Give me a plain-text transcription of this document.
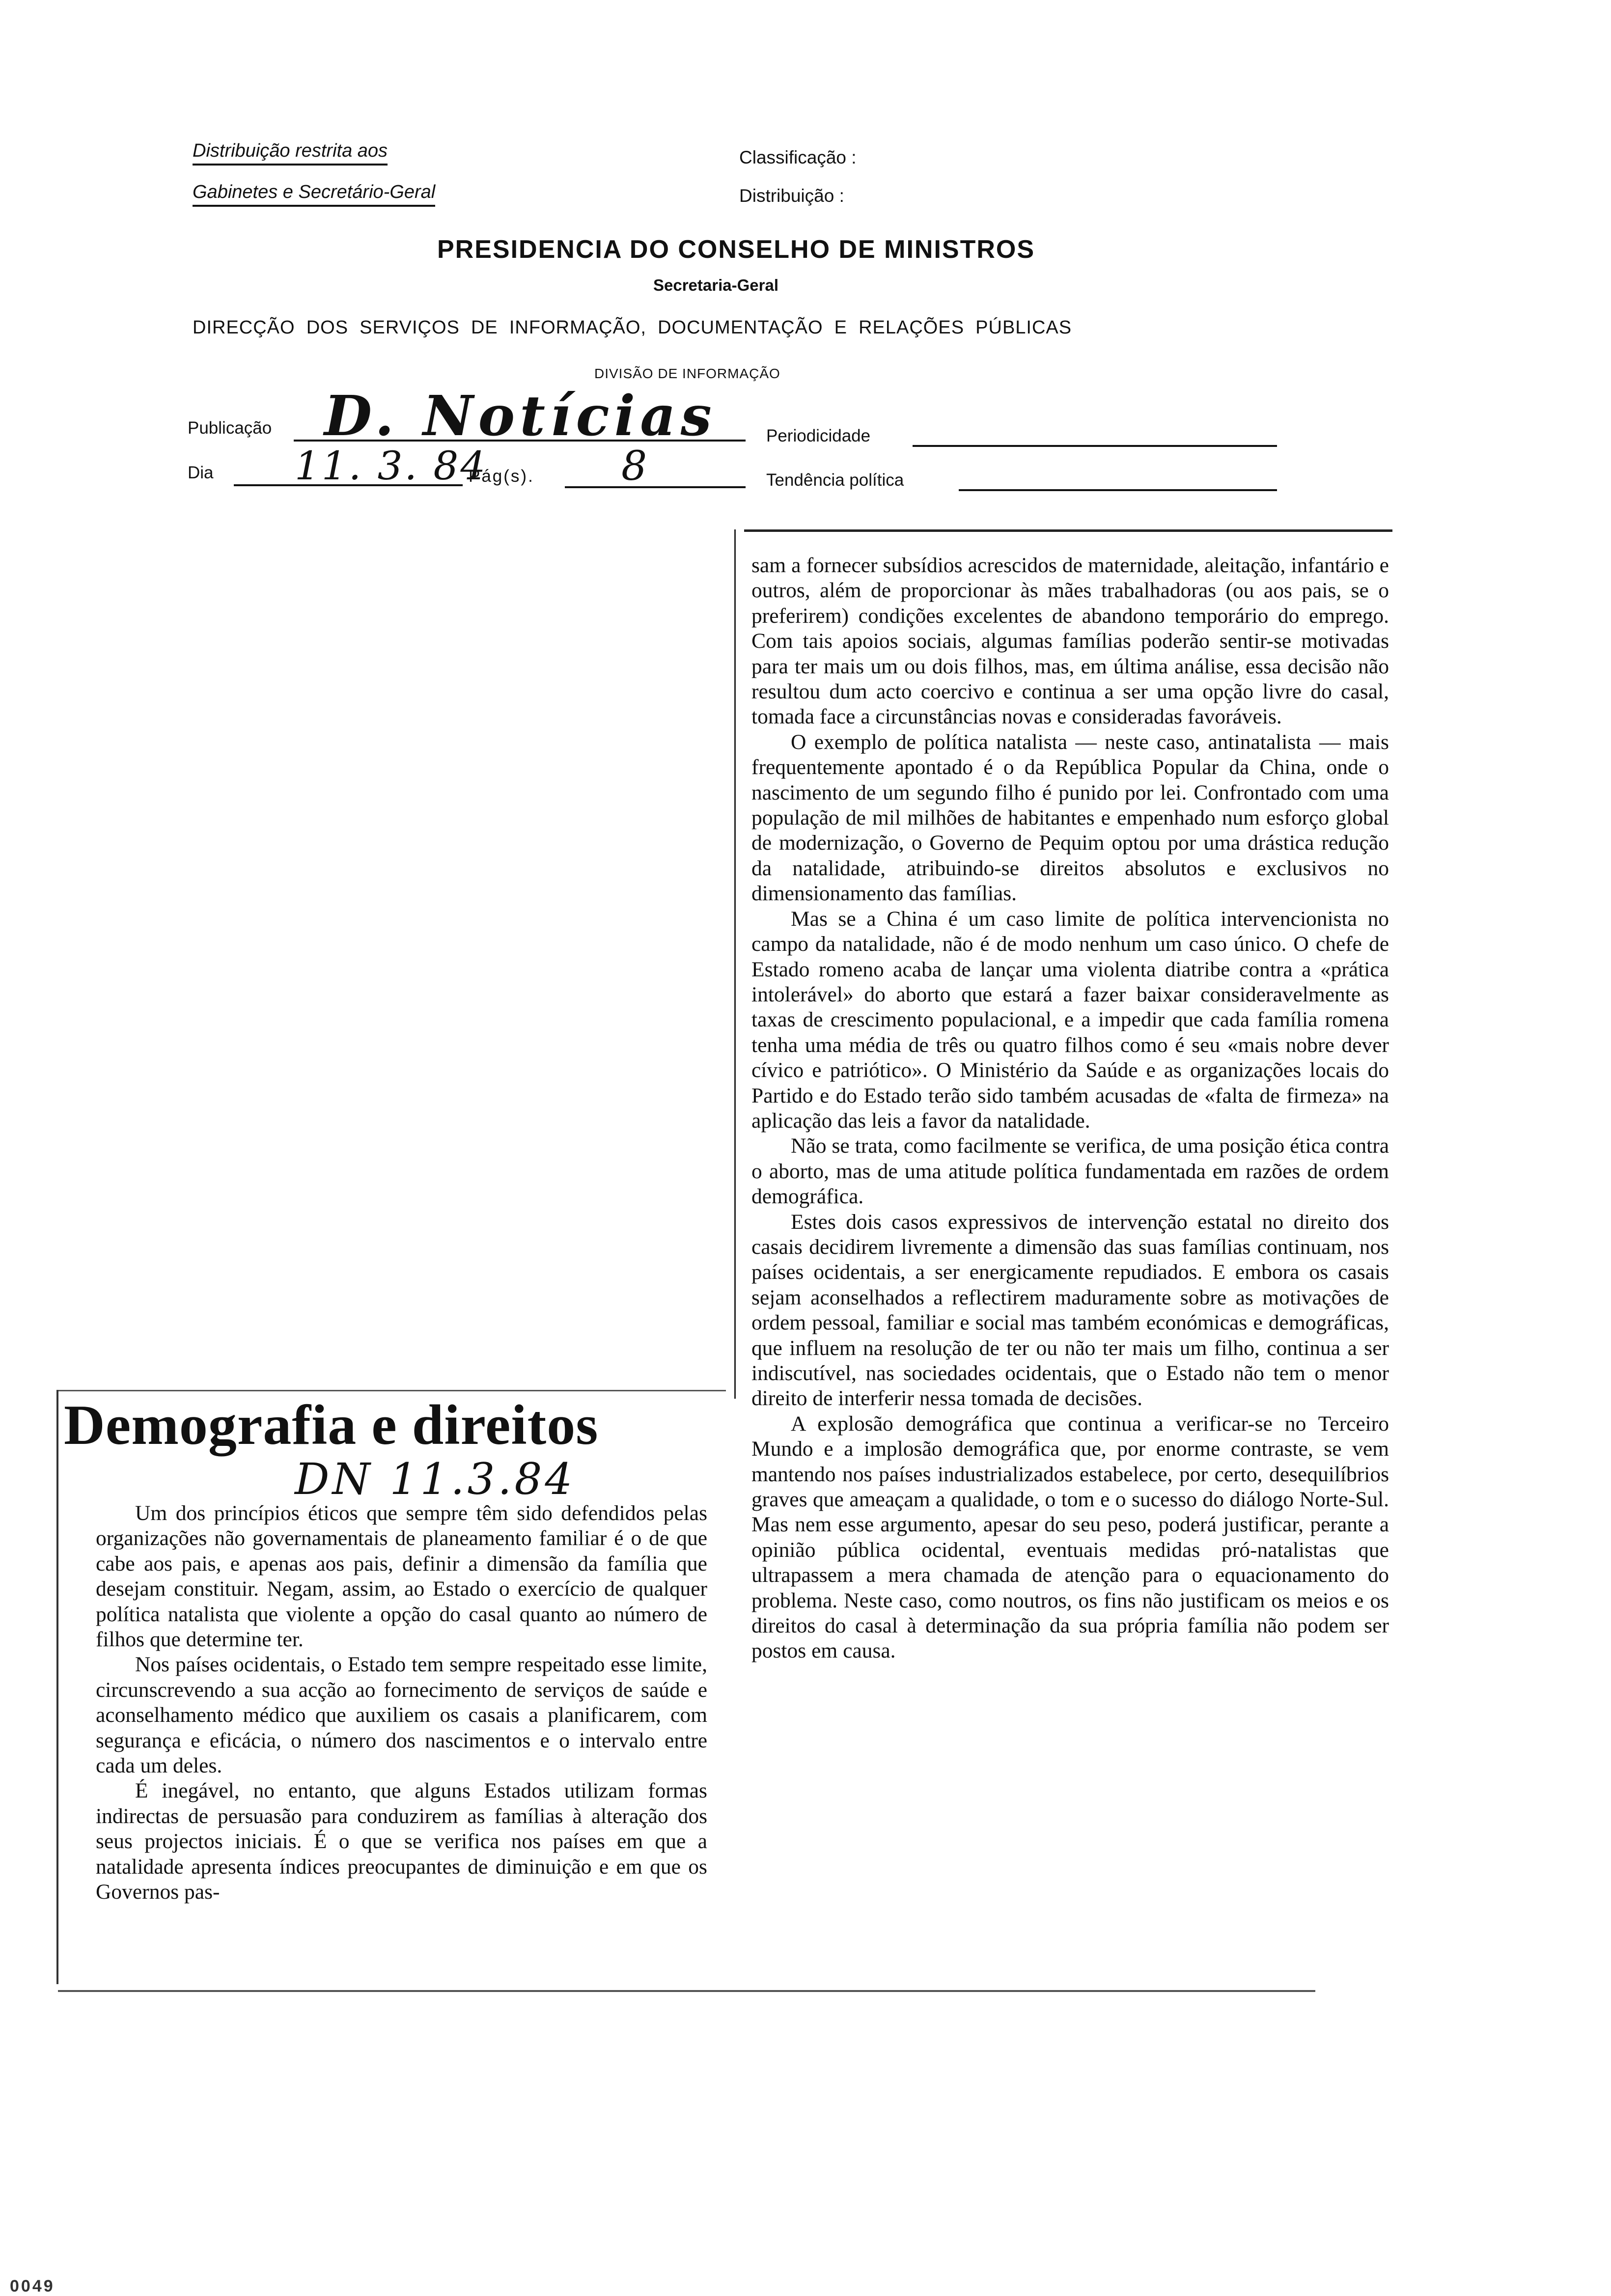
Distribuição restrita aos
Gabinetes e Secretário-Geral
Classificação :
Distribuição :
PRESIDENCIA DO CONSELHO DE MINISTROS
Secretaria-Geral
DIRECÇÃO  DOS  SERVIÇOS  DE  INFORMAÇÃO,  DOCUMENTAÇÃO  E  RELAÇÕES  PÚBLICAS
DIVISÃO DE INFORMAÇÃO
Publicação D. Notícias	Periodicidade
Dia 11. 3. 84
Pág(s). 8	Tendência política
Demografia e direitos
DN 11.3.84

Um dos princípios éticos que sempre têm sido defendidos pelas organizações não governamentais de planeamento familiar é o de que cabe aos pais, e apenas aos pais, definir a dimensão da família que desejam constituir. Negam, assim, ao Estado o exercício de qualquer política natalista que violente a opção do casal quanto ao número de filhos que determine ter.

Nos países ocidentais, o Estado tem sempre respeitado esse limite, circunscrevendo a sua acção ao fornecimento de serviços de saúde e aconselhamento médico que auxiliem os casais a planificarem, com segurança e eficácia, o número dos nascimentos e o intervalo entre cada um deles.

É inegável, no entanto, que alguns Estados utilizam formas indirectas de persuasão para conduzirem as famílias à alteração dos seus projectos iniciais. É o que se verifica nos países em que a natalidade apresenta índices preocupantes de diminuição e em que os Governos pas-

sam a fornecer subsídios acrescidos de maternidade, aleitação, infantário e outros, além de proporcionar às mães trabalhadoras (ou aos pais, se o preferirem) condições excelentes de abandono temporário do emprego. Com tais apoios sociais, algumas famílias poderão sentir-se motivadas para ter mais um ou dois filhos, mas, em última análise, essa decisão não resultou dum acto coercivo e continua a ser uma opção livre do casal, tomada face a circunstâncias novas e consideradas favoráveis.

O exemplo de política natalista — neste caso, antinatalista — mais frequentemente apontado é o da República Popular da China, onde o nascimento de um segundo filho é punido por lei. Confrontado com uma população de mil milhões de habitantes e empenhado num esforço global de modernização, o Governo de Pequim optou por uma drástica redução da natalidade, atribuindo-se direitos absolutos e exclusivos no dimensionamento das famílias.

Mas se a China é um caso limite de política intervencionista no campo da natalidade, não é de modo nenhum um caso único. O chefe de Estado romeno acaba de lançar uma violenta diatribe contra a «prática intolerável» do aborto que estará a fazer baixar consideravelmente as taxas de crescimento populacional, e a impedir que cada família romena tenha uma média de três ou quatro filhos como é seu «mais nobre dever cívico e patriótico». O Ministério da Saúde e as organizações locais do Partido e do Estado terão sido também acusadas de «falta de firmeza» na aplicação das leis a favor da natalidade.

Não se trata, como facilmente se verifica, de uma posição ética contra o aborto, mas de uma atitude política fundamentada em razões de ordem demográfica.

Estes dois casos expressivos de intervenção estatal no direito dos casais decidirem livremente a dimensão das suas famílias continuam, nos países ocidentais, a ser energicamente repudiados. E embora os casais sejam aconselhados a reflectirem maduramente sobre as motivações de ordem pessoal, familiar e social mas também económicas e demográficas, que influem na resolução de ter ou não ter mais um filho, continua a ser indiscutível, nas sociedades ocidentais, que o Estado não tem o menor direito de interferir nessa tomada de decisões.

A explosão demográfica que continua a verificar-se no Terceiro Mundo e a implosão demográfica que, por enorme contraste, se vem mantendo nos países industrializados estabelece, por certo, desequilíbrios graves que ameaçam a qualidade, o tom e o sucesso do diálogo Norte-Sul. Mas nem esse argumento, apesar do seu peso, poderá justificar, perante a opinião pública ocidental, eventuais medidas pró-natalistas que ultrapassem a mera chamada de atenção para o equacionamento do problema. Neste caso, como noutros, os fins não justificam os meios e os direitos do casal à determinação da sua própria família não podem ser postos em causa.

0049
